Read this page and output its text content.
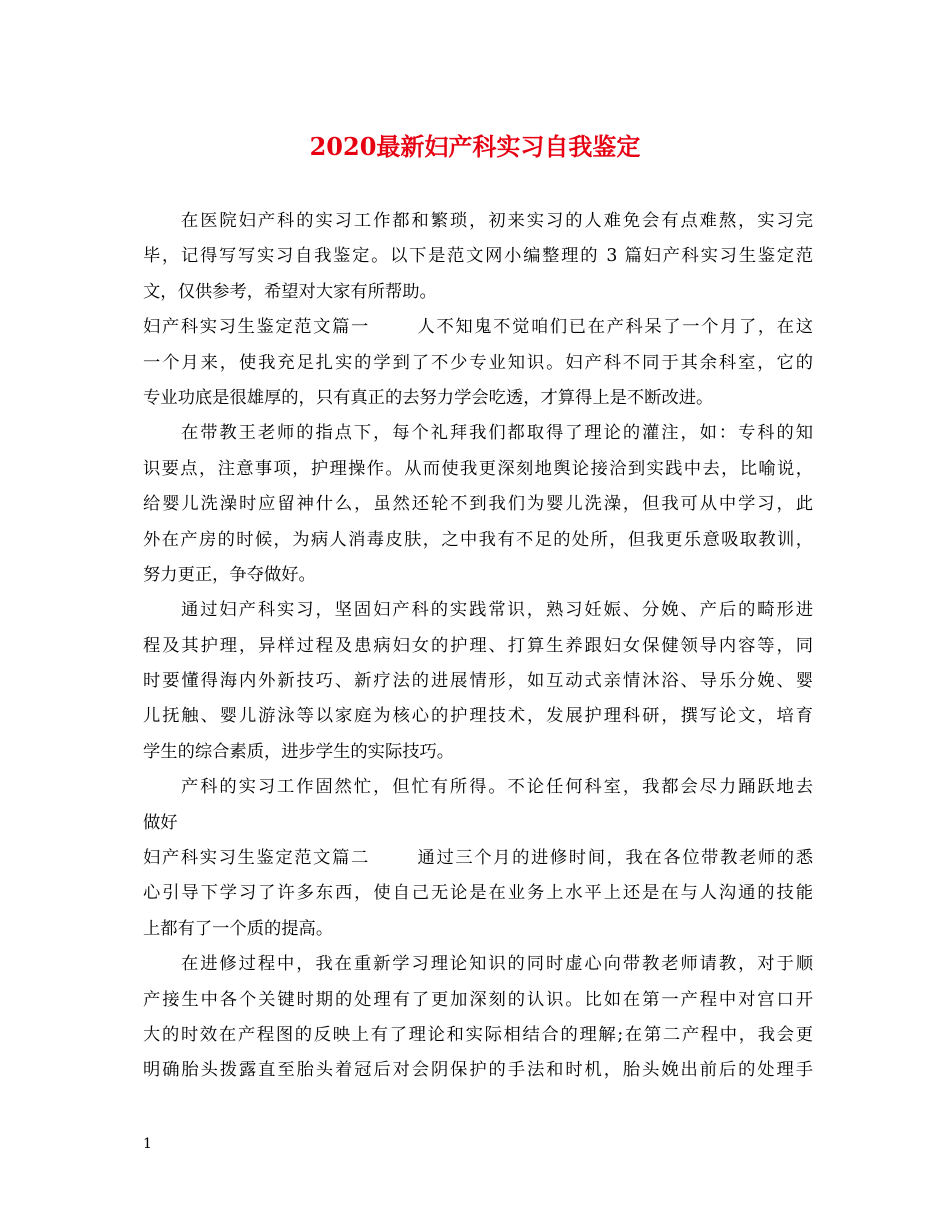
2020最新妇产科实习自我鉴定
在医院妇产科的实习工作都和繁琐，初来实习的人难免会有点难熬，实习完
毕，记得写写实习自我鉴定。以下是范文网小编整理的 3 篇妇产科实习生鉴定范
文，仅供参考，希望对大家有所帮助。
妇产科实习生鉴定范文篇一	人不知鬼不觉咱们已在产科呆了一个月了，在这
一个月来，使我充足扎实的学到了不少专业知识。妇产科不同于其余科室，它的
专业功底是很雄厚的，只有真正的去努力学会吃透，才算得上是不断改进。
在带教王老师的指点下，每个礼拜我们都取得了理论的灌注，如：专科的知
识要点，注意事项，护理操作。从而使我更深刻地舆论接洽到实践中去，比喻说，
给婴儿洗澡时应留神什么，虽然还轮不到我们为婴儿洗澡，但我可从中学习，此
外在产房的时候，为病人消毒皮肤，之中我有不足的处所，但我更乐意吸取教训，
努力更正，争夺做好。
通过妇产科实习，坚固妇产科的实践常识，熟习妊娠、分娩、产后的畸形进
程及其护理，异样过程及患病妇女的护理、打算生养跟妇女保健领导内容等，同
时要懂得海内外新技巧、新疗法的进展情形，如互动式亲情沐浴、导乐分娩、婴
儿抚触、婴儿游泳等以家庭为核心的护理技术，发展护理科研，撰写论文，培育
学生的综合素质，进步学生的实际技巧。
产科的实习工作固然忙，但忙有所得。不论任何科室，我都会尽力踊跃地去
做好
妇产科实习生鉴定范文篇二	通过三个月的进修时间，我在各位带教老师的悉
心引导下学习了许多东西，使自己无论是在业务上水平上还是在与人沟通的技能
上都有了一个质的提高。
在进修过程中，我在重新学习理论知识的同时虚心向带教老师请教，对于顺
产接生中各个关键时期的处理有了更加深刻的认识。比如在第一产程中对宫口开
大的时效在产程图的反映上有了理论和实际相结合的理解;在第二产程中，我会更
明确胎头拨露直至胎头着冠后对会阴保护的手法和时机，胎头娩出前后的处理手
1
